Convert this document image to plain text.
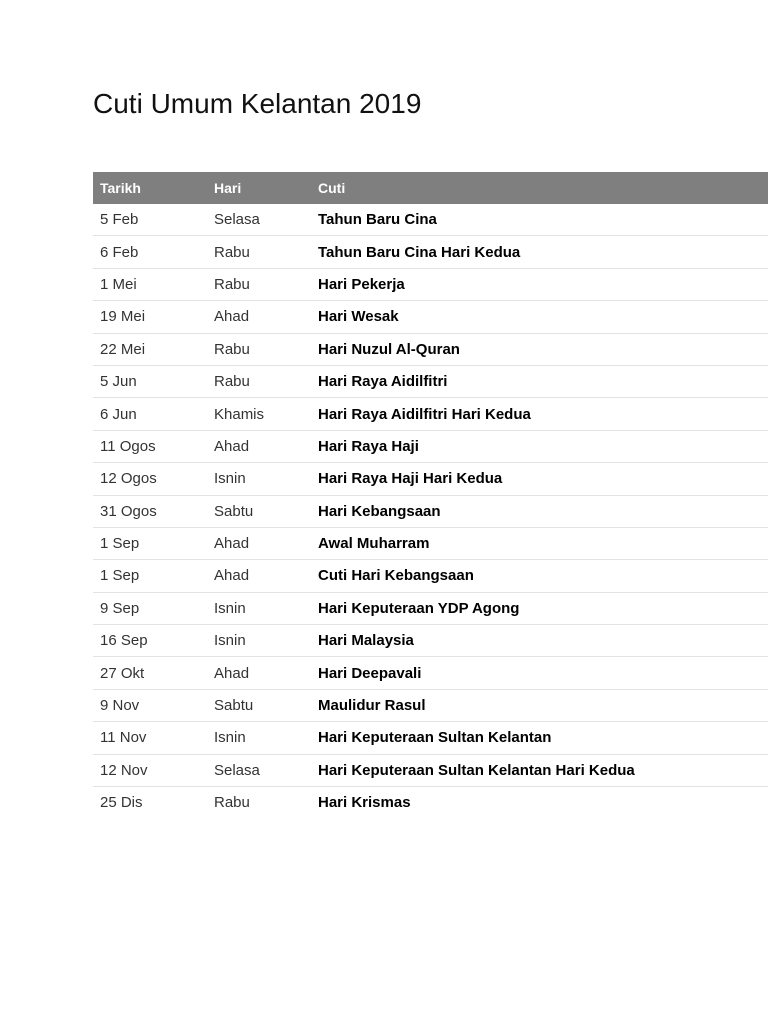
Cuti Umum Kelantan 2019
Tarikh	Hari	Cuti
5 Feb	Selasa	Tahun Baru Cina
6 Feb	Rabu	Tahun Baru Cina Hari Kedua
1 Mei	Rabu	Hari Pekerja
19 Mei	Ahad	Hari Wesak
22 Mei	Rabu	Hari Nuzul Al-Quran
5 Jun	Rabu	Hari Raya Aidilfitri
6 Jun	Khamis	Hari Raya Aidilfitri Hari Kedua
11 Ogos	Ahad	Hari Raya Haji
12 Ogos	Isnin	Hari Raya Haji Hari Kedua
31 Ogos	Sabtu	Hari Kebangsaan
1 Sep	Ahad	Awal Muharram
1 Sep	Ahad	Cuti Hari Kebangsaan
9 Sep	Isnin	Hari Keputeraan YDP Agong
16 Sep	Isnin	Hari Malaysia
27 Okt	Ahad	Hari Deepavali
9 Nov	Sabtu	Maulidur Rasul
11 Nov	Isnin	Hari Keputeraan Sultan Kelantan
12 Nov	Selasa	Hari Keputeraan Sultan Kelantan Hari Kedua
25 Dis	Rabu	Hari Krismas
